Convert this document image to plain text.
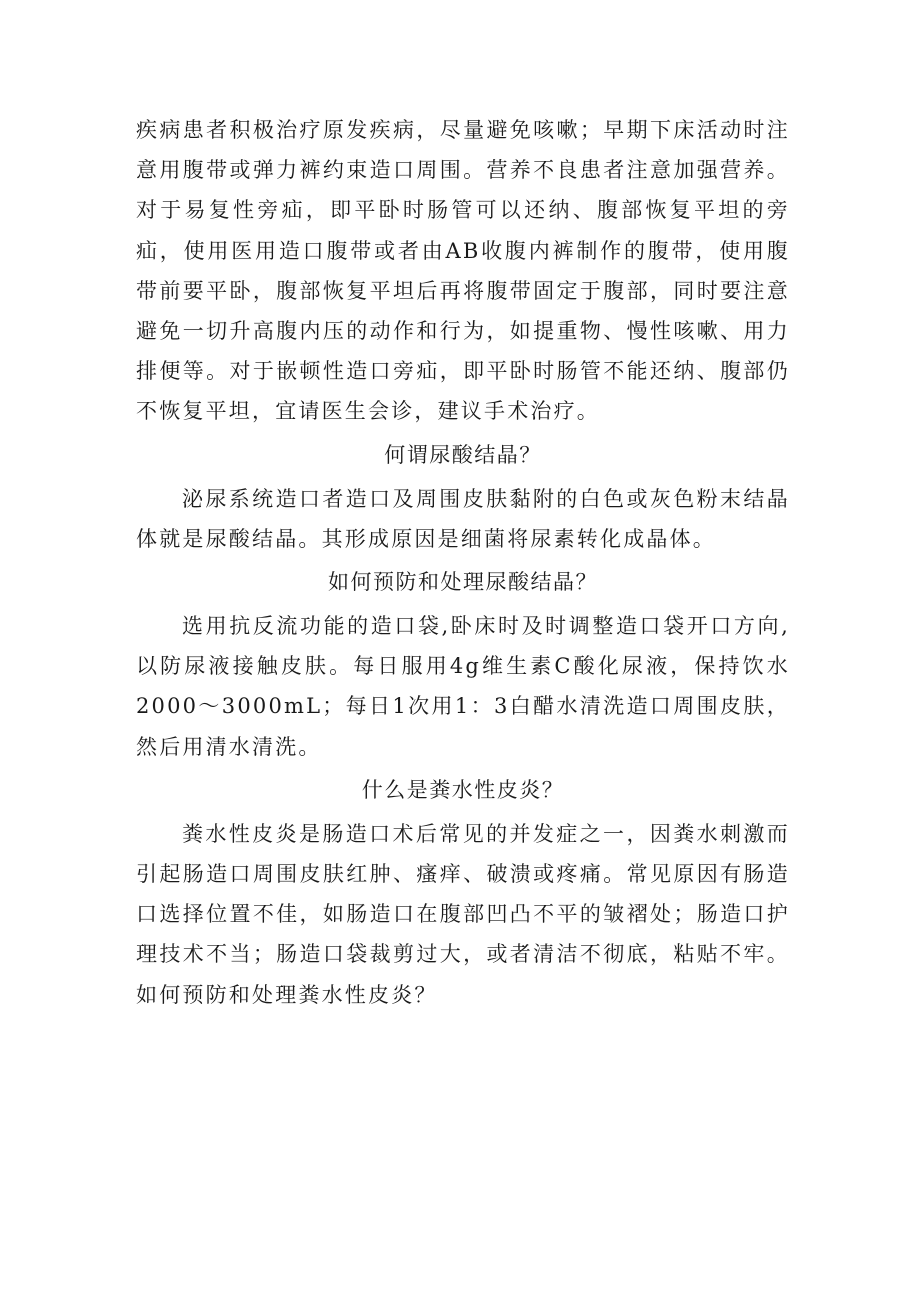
疾病患者积极治疗原发疾病，尽量避免咳嗽；早期下床活动时注意用腹带或弹力裤约束造口周围。营养不良患者注意加强营养。对于易复性旁疝，即平卧时肠管可以还纳、腹部恢复平坦的旁疝，使用医用造口腹带或者由AB收腹内裤制作的腹带，使用腹带前要平卧，腹部恢复平坦后再将腹带固定于腹部，同时要注意避免一切升高腹内压的动作和行为，如提重物、慢性咳嗽、用力排便等。对于嵌顿性造口旁疝，即平卧时肠管不能还纳、腹部仍不恢复平坦，宜请医生会诊，建议手术治疗。

何谓尿酸结晶？

泌尿系统造口者造口及周围皮肤黏附的白色或灰色粉末结晶体就是尿酸结晶。其形成原因是细菌将尿素转化成晶体。

如何预防和处理尿酸结晶？

选用抗反流功能的造口袋,卧床时及时调整造口袋开口方向,以防尿液接触皮肤。每日服用4g维生素C酸化尿液，保持饮水2000～3000mL；每日1次用1：3白醋水清洗造口周围皮肤，然后用清水清洗。

什么是粪水性皮炎？

粪水性皮炎是肠造口术后常见的并发症之一，因粪水刺激而引起肠造口周围皮肤红肿、瘙痒、破溃或疼痛。常见原因有肠造口选择位置不佳，如肠造口在腹部凹凸不平的皱褶处；肠造口护理技术不当；肠造口袋裁剪过大，或者清洁不彻底，粘贴不牢。如何预防和处理粪水性皮炎？
